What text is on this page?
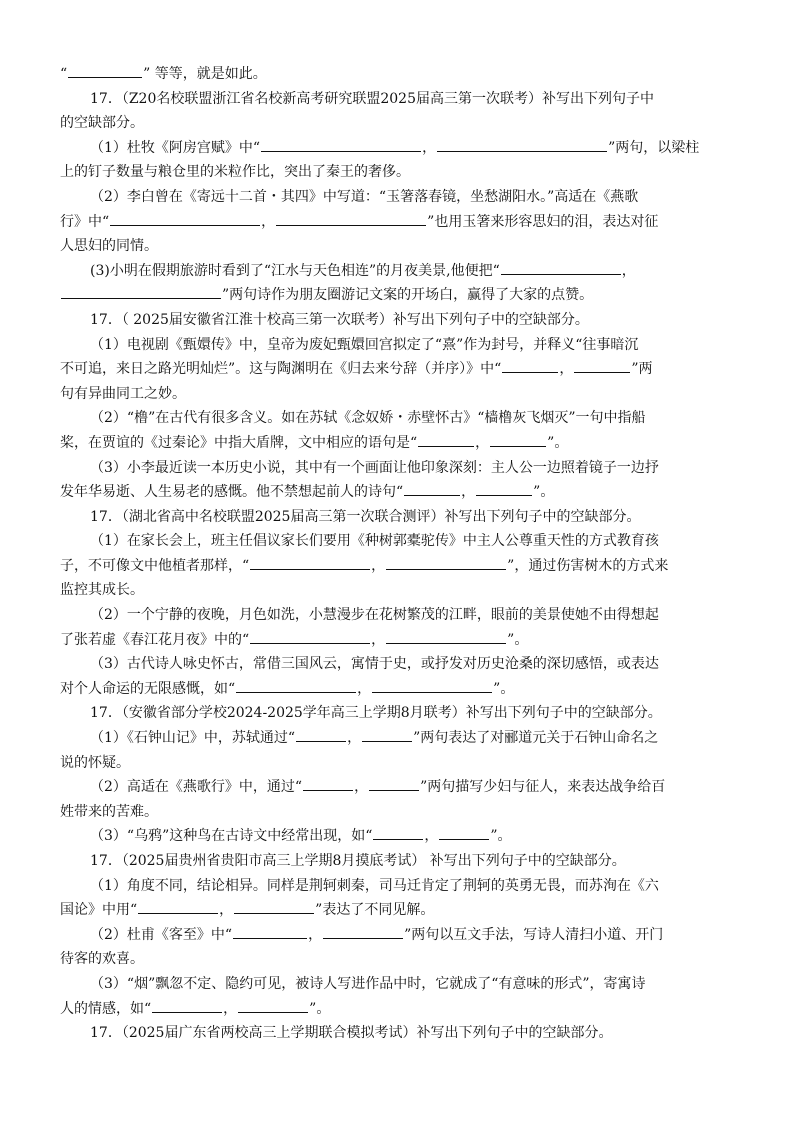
“	” 等等，就是如此。

17．（Z20名校联盟浙江省名校新高考研究联盟2025届高三第一次联考）补写出下列句子中

的空缺部分。

（1）杜牧《阿房宫赋》中“	，	”两句，以梁柱

上的钉子数量与粮仓里的米粒作比，突出了秦王的奢侈。

（2）李白曾在《寄远十二首・其四》中写道：“玉箸落春镜，坐愁湖阳水。”高适在《燕歌

行》中“	，	”也用玉箸来形容思妇的泪，表达对征

人思妇的同情。

(3)小明在假期旅游时看到了“江水与天色相连”的月夜美景,他便把“	，

”两句诗作为朋友圈游记文案的开场白，赢得了大家的点赞。

17．（ 2025届安徽省江淮十校高三第一次联考）补写出下列句子中的空缺部分。

（1）电视剧《甄嬛传》中，皇帝为废妃甄嬛回宫拟定了“熹”作为封号，并释义“往事暗沉

不可追，来日之路光明灿烂”。这与陶渊明在《归去来兮辞（并序）》中“	，	”两

句有异曲同工之妙。

（2）“橹”在古代有很多含义。如在苏轼《念奴娇・赤壁怀古》“樯橹灰飞烟灭”一句中指船

桨，在贾谊的《过秦论》中指大盾牌，文中相应的语句是“	，	”。

（3）小李最近读一本历史小说，其中有一个画面让他印象深刻：主人公一边照着镜子一边抒

发年华易逝、人生易老的感慨。他不禁想起前人的诗句“	，	”。

17．（湖北省高中名校联盟2025届高三第一次联合测评）补写出下列句子中的空缺部分。

（1）在家长会上，班主任倡议家长们要用《种树郭橐驼传》中主人公尊重天性的方式教育孩

子，不可像文中他植者那样，“	，	”，通过伤害树木的方式来

监控其成长。

（2）一个宁静的夜晚，月色如洗，小慧漫步在花树繁茂的江畔，眼前的美景使她不由得想起

了张若虚《春江花月夜》中的“	，	”。

（3）古代诗人咏史怀古，常借三国风云，寓情于史，或抒发对历史沧桑的深切感悟，或表达

对个人命运的无限感慨，如“	，	”。

17．（安徽省部分学校2024-2025学年高三上学期8月联考）补写出下列句子中的空缺部分。

（1）《石钟山记》中，苏轼通过“	，	”两句表达了对郦道元关于石钟山命名之

说的怀疑。

（2）高适在《燕歌行》中，通过“	，	”两句描写少妇与征人，来表达战争给百

姓带来的苦难。

（3）“乌鸦”这种鸟在古诗文中经常出现，如“	，	”。

17．（2025届贵州省贵阳市高三上学期8月摸底考试） 补写出下列句子中的空缺部分。

（1）角度不同，结论相异。同样是荆轲刺秦，司马迁肯定了荆轲的英勇无畏，而苏洵在《六

国论》中用“	，	”表达了不同见解。

（2）杜甫《客至》中“	，	”两句以互文手法，写诗人清扫小道、开门

待客的欢喜。

（3）“烟”飘忽不定、隐约可见，被诗人写进作品中时，它就成了“有意味的形式”，寄寓诗

人的情感，如“	，	”。

17．（2025届广东省两校高三上学期联合模拟考试）补写出下列句子中的空缺部分。
